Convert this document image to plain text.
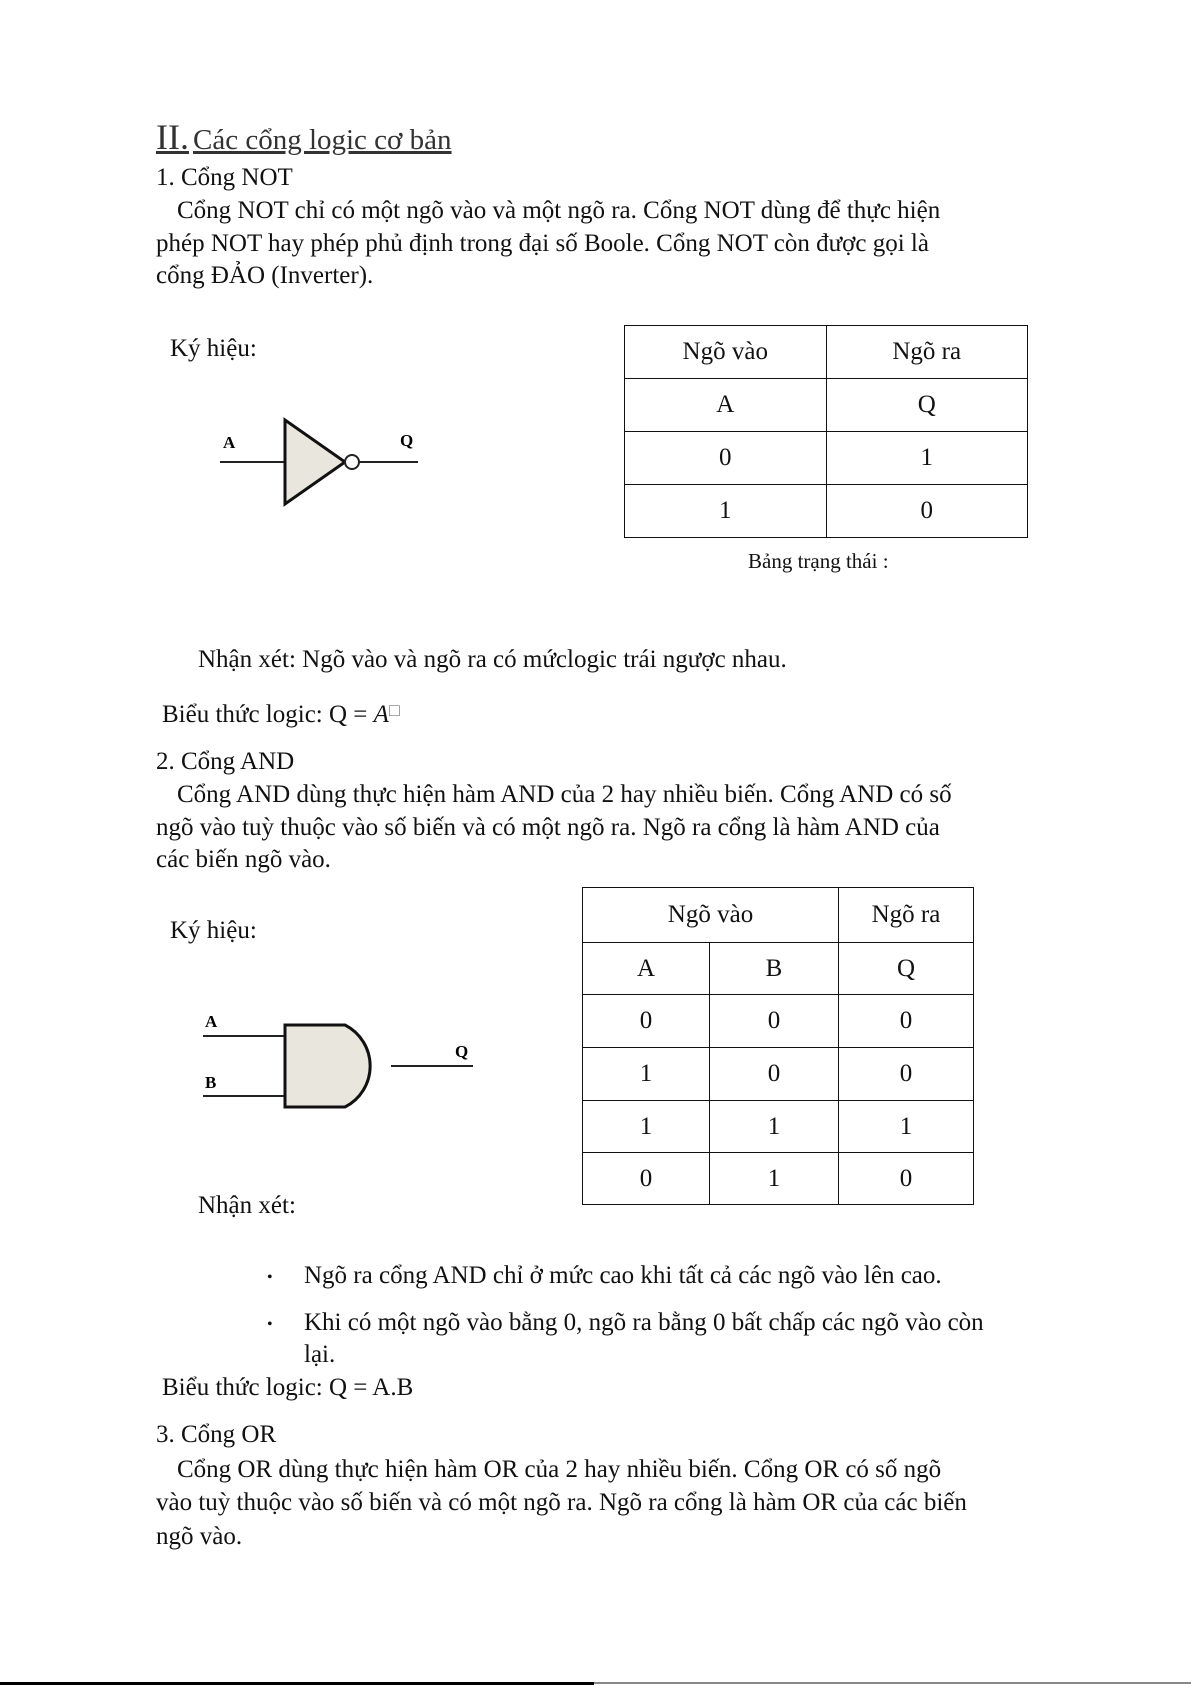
II. Các cổng logic cơ bản
1. Cổng NOT
Cổng NOT chỉ có một ngõ vào và một ngõ ra. Cổng NOT dùng để thực hiện
phép NOT hay phép phủ định trong đại số Boole. Cổng NOT còn được gọi là
cổng ĐẢO (Inverter).
Ký hiệu:
A	Q
Ngõ vào	Ngõ ra
A	Q
0	1
1	0
Bảng trạng thái :
Nhận xét: Ngõ vào và ngõ ra có mứclogic trái ngược nhau.
Biểu thức logic: Q = A□
2. Cổng AND
Cổng AND dùng thực hiện hàm AND của 2 hay nhiều biến. Cổng AND có số
ngõ vào tuỳ thuộc vào số biến và có một ngõ ra. Ngõ ra cổng là hàm AND của
các biến ngõ vào.
Ký hiệu:
A
B
Q
Ngõ vào		Ngõ ra
A	B	Q
0	0	0
1	0	0
1	1	1
0	1	0
Nhận xét:
• Ngõ ra cổng AND chỉ ở mức cao khi tất cả các ngõ vào lên cao.
• Khi có một ngõ vào bằng 0, ngõ ra bằng 0 bất chấp các ngõ vào còn
lại.
Biểu thức logic: Q = A.B
3. Cổng OR
Cổng OR dùng thực hiện hàm OR của 2 hay nhiều biến. Cổng OR có số ngõ
vào tuỳ thuộc vào số biến và có một ngõ ra. Ngõ ra cổng là hàm OR của các biến
ngõ vào.
